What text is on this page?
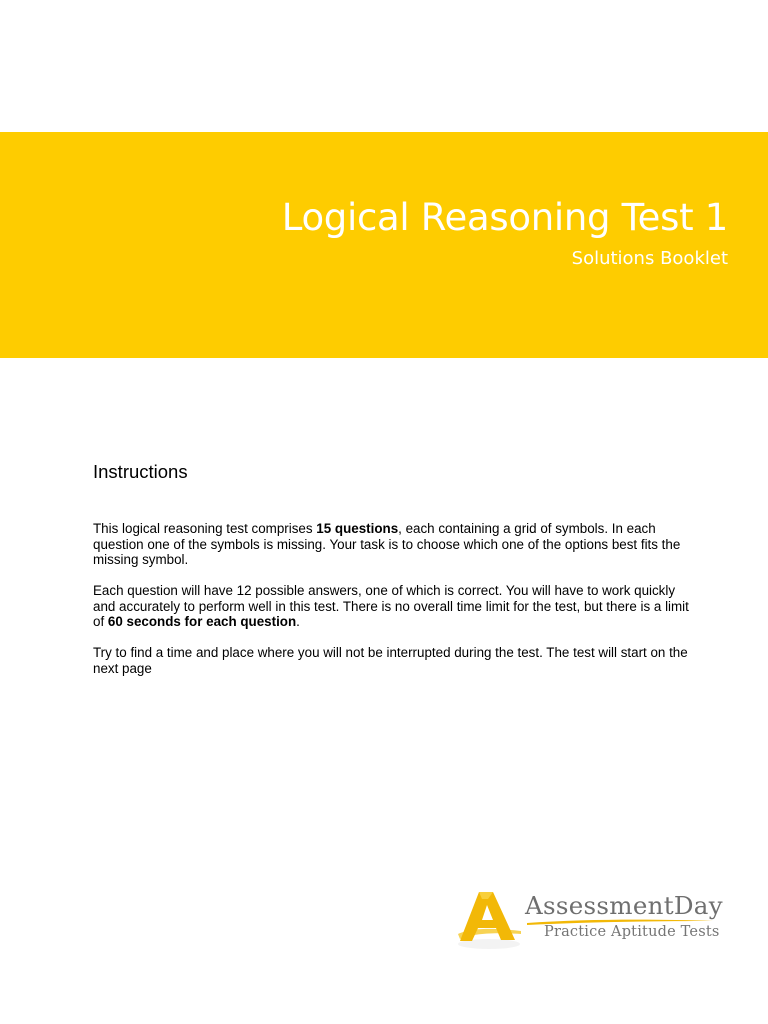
Logical Reasoning Test 1
Solutions Booklet
Instructions

This logical reasoning test comprises 15 questions, each containing a grid of symbols. In each question one of the symbols is missing. Your task is to choose which one of the options best fits the missing symbol.

Each question will have 12 possible answers, one of which is correct. You will have to work quickly and accurately to perform well in this test. There is no overall time limit for the test, but there is a limit of 60 seconds for each question.

Try to find a time and place where you will not be interrupted during the test. The test will start on the next page

AssessmentDay
Practice Aptitude Tests
